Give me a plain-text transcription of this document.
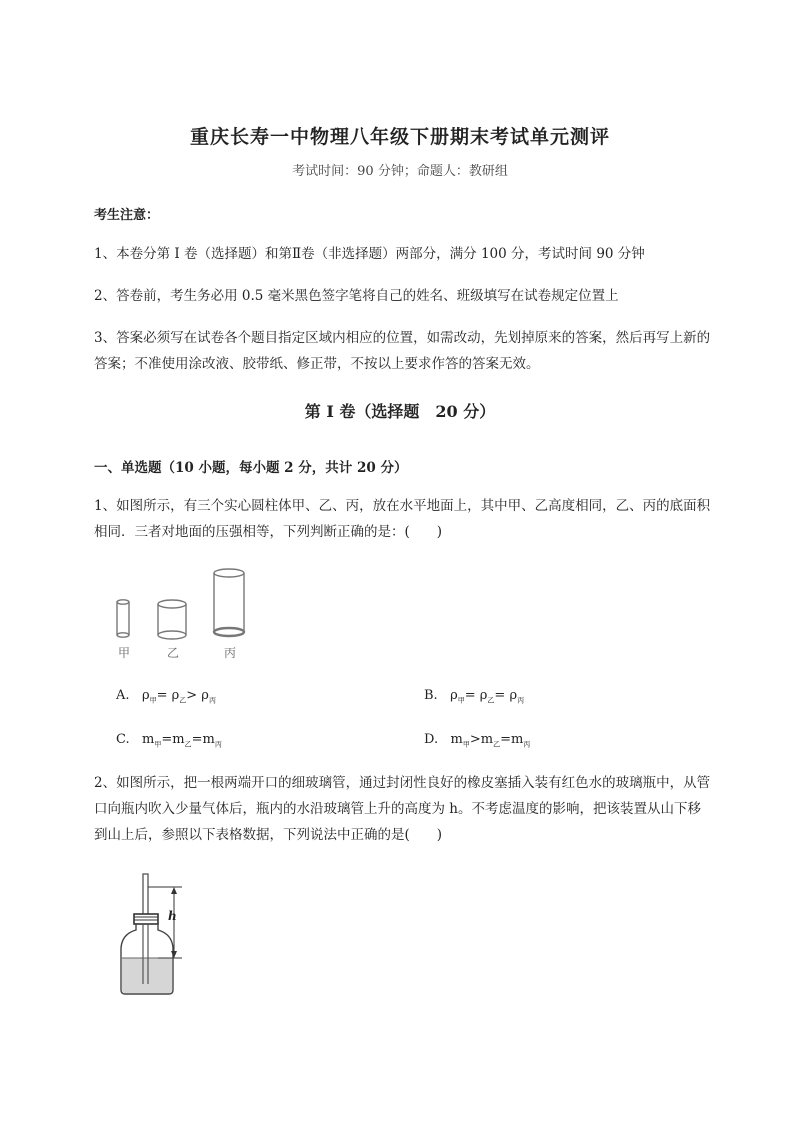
重庆长寿一中物理八年级下册期末考试单元测评
考试时间：90 分钟；命题人：教研组
考生注意：
1、本卷分第 I 卷（选择题）和第Ⅱ卷（非选择题）两部分，满分 100 分，考试时间 90 分钟
2、答卷前，考生务必用 0.5 毫米黑色签字笔将自己的姓名、班级填写在试卷规定位置上
3、答案必须写在试卷各个题目指定区域内相应的位置，如需改动，先划掉原来的答案，然后再写上新的答案；不准使用涂改液、胶带纸、修正带，不按以上要求作答的答案无效。
第 I 卷（选择题　20 分）
一、单选题（10 小题，每小题 2 分，共计 20 分）
1、如图所示，有三个实心圆柱体甲、乙、丙，放在水平地面上，其中甲、乙高度相同，乙、丙的底面积相同．三者对地面的压强相等，下列判断正确的是：(　　)
甲	乙	丙
A. $\rho_甲= \rho_乙> \rho_丙$	B. $\rho_甲= \rho_乙= \rho_丙$
C. $m_甲=m_乙=m_丙$	D. $m_甲>m_乙=m_丙$
2、如图所示，把一根两端开口的细玻璃管，通过封闭性良好的橡皮塞插入装有红色水的玻璃瓶中，从管口向瓶内吹入少量气体后，瓶内的水沿玻璃管上升的高度为 h。不考虑温度的影响，把该装置从山下移到山上后，参照以下表格数据，下列说法中正确的是(　　)
h
